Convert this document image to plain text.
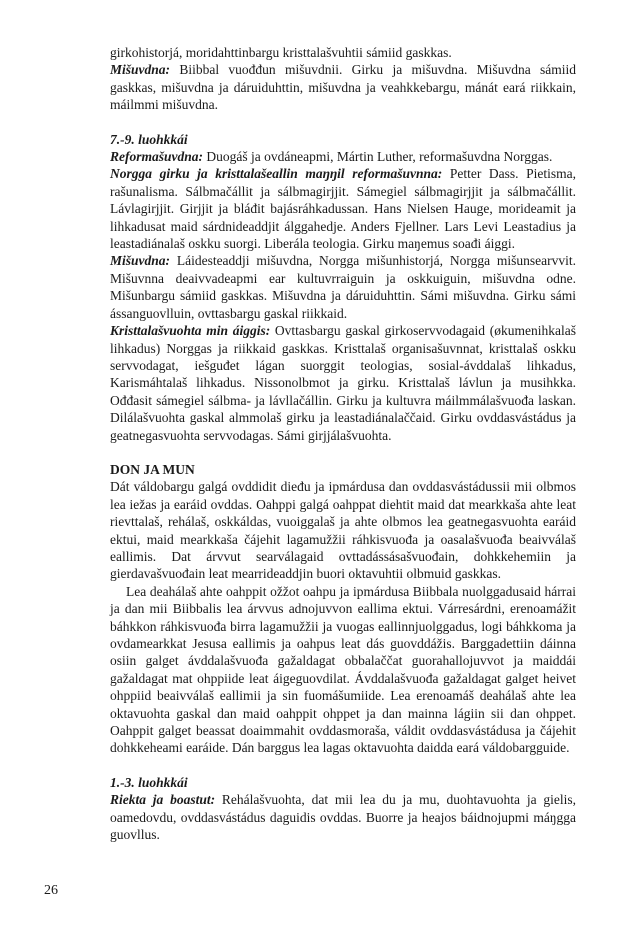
girkohistorjá, moridahttinbargu kristtalašvuhtii sámiid gaskkas.

Mišuvdna: Biibbal vuođđun mišuvdnii. Girku ja mišuvdna. Mišuvdna sámiid gaskkas, mišuvdna ja dáruiduhttin, mišuvdna ja veahkkebargu, mánát eará riikkain, máilmmi mišuvdna.

7.-9. luohkkái

Reformašuvdna: Duogáš ja ovdáneapmi, Mártin Luther, reformašuvdna Norggas.

Norgga girku ja kristtalašeallin maŋŋil reformašuvnna: Petter Dass. Pietisma, rašunalisma. Sálbmačállit ja sálbmagirjjit. Sámegiel sálbmagirjjit ja sálbmačállit. Lávlagirjjit. Girjjit ja bláđit bajásráhkadussan. Hans Nielsen Hauge, morideamit ja lihkadusat maid sárdnideaddjit álggahedje. Anders Fjellner. Lars Levi Leastadius ja leastadiánalaš oskku suorgi. Liberála teologia. Girku maŋemus soađi áiggi.

Mišuvdna: Láidesteaddji mišuvdna, Norgga mišunhistorjá, Norgga mišunsearvvit. Mišuvnna deaivvadeapmi ear kultuvrraiguin ja oskkuiguin, mišuvdna odne. Mišunbargu sámiid gaskkas. Mišuvdna ja dáruiduhttin. Sámi mišuvdna. Girku sámi ássanguovlluin, ovttasbargu gaskal riikkaid.

Kristtalašvuohta min áiggis: Ovttasbargu gaskal girkoservvodagaid (økumenihkalaš lihkadus) Norggas ja riikkaid gaskkas. Kristtalaš organisašuvnnat, kristtalaš oskku servvodagat, iešguđet lágan suorggit teologias, sosial-ávddalaš lihkadus, Karismáhtalaš lihkadus. Nissonolbmot ja girku. Kristtalaš lávlun ja musihkka. Ođđasit sámegiel sálbma- ja lávllačállin. Girku ja kultuvra máilmmálašvuođa laskan. Dilálašvuohta gaskal almmolaš girku ja leastadiánalaččaid. Girku ovddasvástádus ja geatnegasvuohta servvodagas. Sámi girjjálašvuohta.

DON JA MUN

Dát váldobargu galgá ovddidit dieđu ja ipmárdusa dan ovddasvástádussii mii olbmos lea iežas ja earáid ovddas. Oahppi galgá oahppat diehtit maid dat mearkkaša ahte leat rievttalaš, rehálaš, oskkáldas, vuoiggalaš ja ahte olbmos lea geatnegasvuohta earáid ektui, maid mearkkaša čájehit lagamužžii ráhkisvuođa ja oasalašvuođa beaivválaš eallimis. Dat árvvut searválagaid ovttadássásašvuođain, dohkkehemiin ja gierdavašvuođain leat mearrideaddjin buori oktavuhtii olbmuid gaskkas.

Lea deahálaš ahte oahppit ožžot oahpu ja ipmárdusa Biibbala nuolggadusaid hárrai ja dan mii Biibbalis lea árvvus adnojuvvon eallima ektui. Várresárdni, erenoamážit báhkkon ráhkisvuođa birra lagamužžii ja vuogas eallinnjuolggadus, logi báhkkoma ja ovdamearkkat Jesusa eallimis ja oahpus leat dás guovddážis. Barggadettiin dáinna osiin galget ávddalašvuođa gažaldagat obbalaččat guorahallojuvvot ja maiddái gažaldagat mat ohppiide leat áigeguovdilat. Ávddalašvuođa gažaldagat galget heivet ohppiid beaivválaš eallimii ja sin fuomášumiide. Lea erenoamáš deahálaš ahte lea oktavuohta gaskal dan maid oahppit ohppet ja dan mainna lágiin sii dan ohppet. Oahppit galget beassat doaimmahit ovddasmoraša, váldit ovddasvástádusa ja čájehit dohkkeheami earáide. Dán barggus lea lagas oktavuohta daidda eará váldobargguide.

1.-3. luohkkái

Riekta ja boastut: Rehálašvuohta, dat mii lea du ja mu, duohtavuohta ja gielis, oamedovdu, ovddasvástádus daguidis ovddas. Buorre ja heajos báidnojupmi máŋgga guovllus.

26
